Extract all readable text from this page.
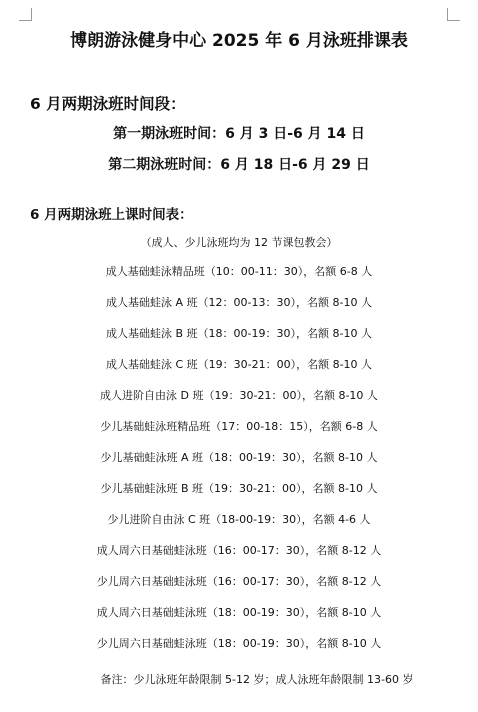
博朗游泳健身中心 2025 年 6 月泳班排课表
6 月两期泳班时间段：
第一期泳班时间：6 月 3 日-6 月 14 日
第二期泳班时间：6 月 18 日-6 月 29 日
6 月两期泳班上课时间表：
（成人、少儿泳班均为 12 节课包教会）
成人基础蛙泳精品班（10：00-11：30），名额 6-8 人
成人基础蛙泳 A 班（12：00-13：30），名额 8-10 人
成人基础蛙泳 B 班（18：00-19：30），名额 8-10 人
成人基础蛙泳 C 班（19：30-21：00），名额 8-10 人
成人进阶自由泳 D 班（19：30-21：00），名额 8-10 人
少儿基础蛙泳班精品班（17：00-18：15），名额 6-8 人
少儿基础蛙泳班 A 班（18：00-19：30），名额 8-10 人
少儿基础蛙泳班 B 班（19：30-21：00），名额 8-10 人
少儿进阶自由泳 C 班（18-00-19：30），名额 4-6 人
成人周六日基础蛙泳班（16：00-17：30），名额 8-12 人
少儿周六日基础蛙泳班（16：00-17：30），名额 8-12 人
成人周六日基础蛙泳班（18：00-19：30），名额 8-10 人
少儿周六日基础蛙泳班（18：00-19：30），名额 8-10 人
备注：少儿泳班年龄限制 5-12 岁；成人泳班年龄限制 13-60 岁
